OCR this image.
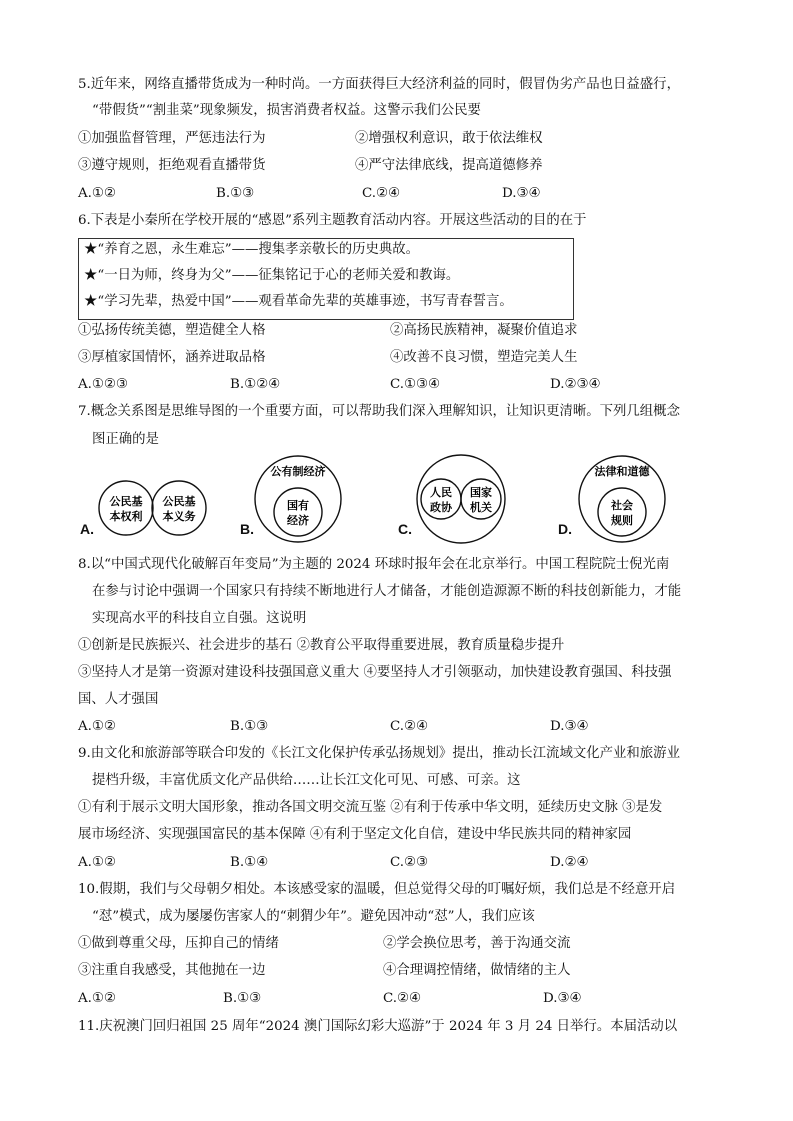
5.近年来，网络直播带货成为一种时尚。一方面获得巨大经济利益的同时，假冒伪劣产品也日益盛行，
“带假货”“割韭菜”现象频发，损害消费者权益。这警示我们公民要
①加强监督管理，严惩违法行为	②增强权利意识，敢于依法维权
③遵守规则，拒绝观看直播带货	④严守法律底线，提高道德修养
A.①②	B.①③	C.②④	D.③④
6.下表是小秦所在学校开展的“感恩”系列主题教育活动内容。开展这些活动的目的在于
★“养育之恩，永生难忘”——搜集孝亲敬长的历史典故。
★“一日为师，终身为父”——征集铭记于心的老师关爱和教诲。
★“学习先辈，热爱中国”——观看革命先辈的英雄事迹，书写青春誓言。
①弘扬传统美德，塑造健全人格	②高扬民族精神，凝聚价值追求
③厚植家国情怀，涵养进取品格	④改善不良习惯，塑造完美人生
A.①②③	B.①②④	C.①③④	D.②③④
7.概念关系图是思维导图的一个重要方面，可以帮助我们深入理解知识，让知识更清晰。下列几组概念
图正确的是
公民基
本权利
公民基
本义务
A.
公有制经济
国有
经济
B.
人民
政协
国家
机关
C.
法律和道德
社会
规则
D.
8.以“中国式现代化破解百年变局”为主题的 2024 环球时报年会在北京举行。中国工程院院士倪光南
在参与讨论中强调一个国家只有持续不断地进行人才储备，才能创造源源不断的科技创新能力，才能
实现高水平的科技自立自强。这说明
①创新是民族振兴、社会进步的基石 ②教育公平取得重要进展，教育质量稳步提升
③坚持人才是第一资源对建设科技强国意义重大 ④要坚持人才引领驱动，加快建设教育强国、科技强
国、人才强国
A.①②	B.①③	C.②④	D.③④
9.由文化和旅游部等联合印发的《长江文化保护传承弘扬规划》提出，推动长江流域文化产业和旅游业
提档升级，丰富优质文化产品供给……让长江文化可见、可感、可亲。这
①有利于展示文明大国形象，推动各国文明交流互鉴 ②有利于传承中华文明，延续历史文脉 ③是发
展市场经济、实现强国富民的基本保障 ④有利于坚定文化自信，建设中华民族共同的精神家园
A.①②	B.①④	C.②③	D.②④
10.假期，我们与父母朝夕相处。本该感受家的温暖，但总觉得父母的叮嘱好烦，我们总是不经意开启
“怼”模式，成为屡屡伤害家人的“刺猬少年”。避免因冲动“怼”人，我们应该
①做到尊重父母，压抑自己的情绪	②学会换位思考，善于沟通交流
③注重自我感受，其他抛在一边	④合理调控情绪，做情绪的主人
A.①②	B.①③	C.②④	D.③④
11.庆祝澳门回归祖国 25 周年“2024 澳门国际幻彩大巡游”于 2024 年 3 月 24 日举行。本届活动以
